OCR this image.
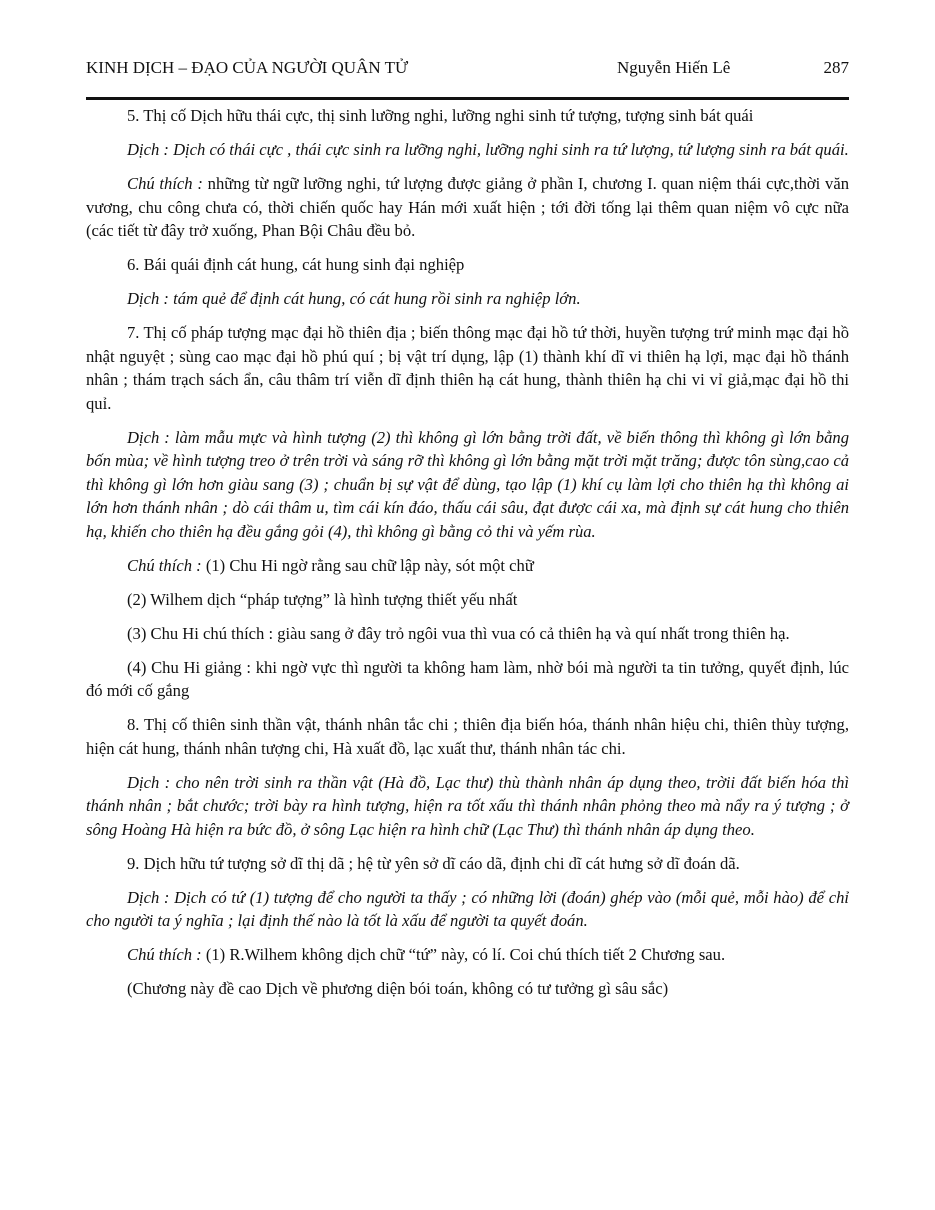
KINH DỊCH – ĐẠO CỦA NGƯỜI QUÂN TỬ	Nguyễn Hiến Lê	287

5. Thị cố Dịch hữu thái cực, thị sinh lưỡng nghi, lưỡng nghi sinh tứ tượng, tượng sinh bát quái

Dịch : Dịch có thái cực , thái cực sinh ra lưỡng nghi, lưỡng nghi sinh ra tứ lượng, tứ lượng sinh ra bát quái.

Chú thích : những từ ngữ lưỡng nghi, tứ lượng được giảng ở phần I, chương I. quan niệm thái cực,thời văn vương, chu công chưa có, thời chiến quốc hay Hán mới xuất hiện ; tới đời tống lại thêm quan niệm vô cực nữa (các tiết từ đây trở xuống, Phan Bội Châu đều bỏ.

6. Bái quái định cát hung, cát hung sinh đại nghiệp

Dịch : tám quẻ để định cát hung, có cát hung rồi sinh ra nghiệp lớn.

7. Thị cố pháp tượng mạc đại hồ thiên địa ; biến thông mạc đại hồ tứ thời, huyền tượng trứ minh mạc đại hồ nhật nguyệt ; sùng cao mạc đại hồ phú quí ; bị vật trí dụng, lập (1) thành khí dĩ vi thiên hạ lợi, mạc đại hồ thánh nhân ; thám trạch sách ẩn, câu thâm trí viễn dĩ định thiên hạ cát hung, thành thiên hạ chi vi vỉ giả,mạc đại hồ thi quỉ.

Dịch : làm mẫu mực và hình tượng (2) thì không gì lớn bằng trời đất, về biến thông thì không gì lớn bằng bốn mùa; về hình tượng treo ở trên trời và sáng rỡ thì không gì lớn bằng mặt trời mặt trăng; được tôn sùng,cao cả thì không gì lớn hơn giàu sang (3) ; chuẩn bị sự vật để dùng, tạo lập (1) khí cụ làm lợi cho thiên hạ thì không ai lớn hơn thánh nhân ; dò cái thâm u, tìm cái kín đáo, thấu cái sâu, đạt được cái xa, mà định sự cát hung cho thiên hạ, khiến cho thiên hạ đều gắng gỏi (4), thì không gì bằng cỏ thi và yếm rùa.

Chú thích : (1) Chu Hi ngờ rằng sau chữ lập này, sót một chữ

(2) Wilhem dịch “pháp tượng” là hình tượng thiết yếu nhất

(3) Chu Hi chú thích : giàu sang ở đây trỏ ngôi vua thì vua có cả thiên hạ và quí nhất trong thiên hạ.

(4) Chu Hi giảng : khi ngờ vực thì người ta không ham làm, nhờ bói mà người ta tin tưởng, quyết định, lúc đó mới cố gắng

8. Thị cố thiên sinh thần vật, thánh nhân tắc chi ; thiên địa biến hóa, thánh nhân hiệu chi, thiên thùy tượng, hiện cát hung, thánh nhân tượng chi, Hà xuất đồ, lạc xuất thư, thánh nhân tác chi.

Dịch : cho nên trời sinh ra thần vật (Hà đồ, Lạc thư) thù thành nhân áp dụng theo, trờii đất biến hóa thì thánh nhân ; bắt chước; trời bày ra hình tượng, hiện ra tốt xấu thì thánh nhân phỏng theo mà nẩy ra ý tượng ; ở sông Hoàng Hà hiện ra bức đồ, ở sông Lạc hiện ra hình chữ (Lạc Thư) thì thánh nhân áp dụng theo.

9. Dịch hữu tứ tượng sở dĩ thị dã ; hệ từ yên sở dĩ cáo dã, định chi dĩ cát hưng sở dĩ đoán dã.

Dịch : Dịch có tứ (1) tượng để cho người ta thấy ; có những lời (đoán) ghép vào (mỗi quẻ, mỗi hào) để chỉ cho người ta ý nghĩa ; lại định thế nào là tốt là xấu để người ta quyết đoán.

Chú thích : (1) R.Wilhem không dịch chữ “tứ” này, có lí. Coi chú thích tiết 2 Chương sau.

(Chương này đề cao Dịch về phương diện bói toán, không có tư tưởng gì sâu sắc)
